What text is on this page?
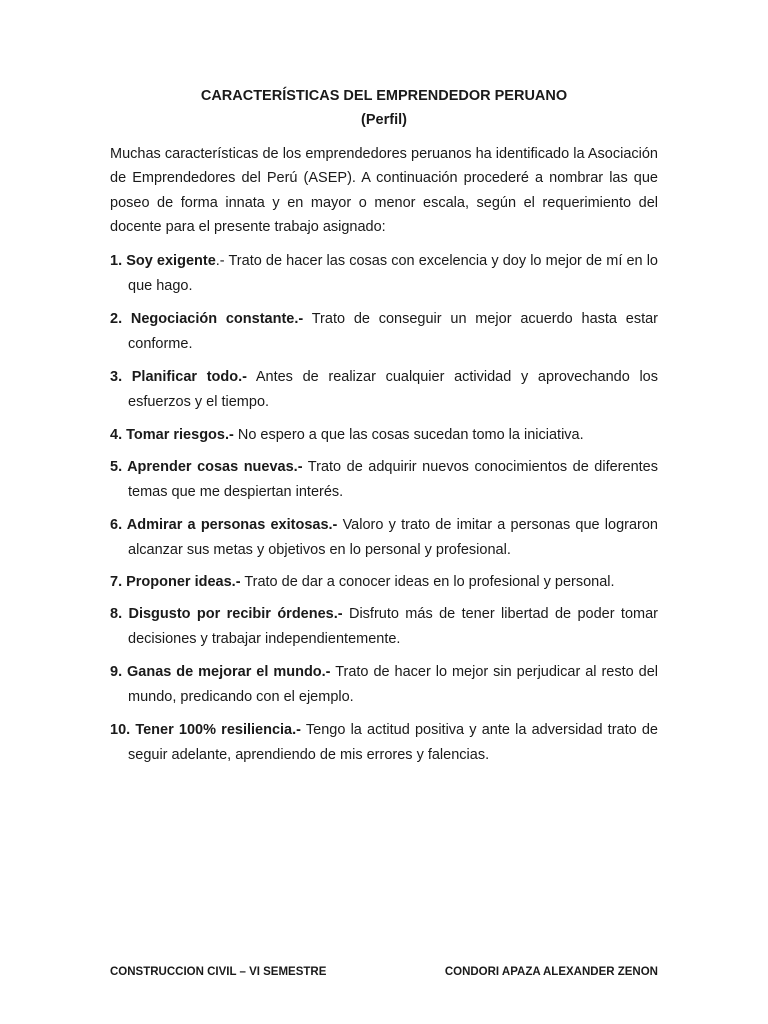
CARACTERÍSTICAS DEL EMPRENDEDOR PERUANO
(Perfil)

Muchas características de los emprendedores peruanos ha identificado la Asociación de Emprendedores del Perú (ASEP). A continuación procederé a nombrar las que poseo de forma innata y en mayor o menor escala, según el requerimiento del docente para el presente trabajo asignado:

1. Soy exigente.- Trato de hacer las cosas con excelencia y doy lo mejor de mí en lo que hago.

2. Negociación constante.- Trato de conseguir un mejor acuerdo hasta estar conforme.

3. Planificar todo.- Antes de realizar cualquier actividad y aprovechando los esfuerzos y el tiempo.

4. Tomar riesgos.- No espero a que las cosas sucedan tomo la iniciativa.

5. Aprender cosas nuevas.- Trato de adquirir nuevos conocimientos de diferentes temas que me despiertan interés.

6. Admirar a personas exitosas.- Valoro y trato de imitar a personas que lograron alcanzar sus metas y objetivos en lo personal y profesional.

7. Proponer ideas.- Trato de dar a conocer ideas en lo profesional y personal.

8. Disgusto por recibir órdenes.- Disfruto más de tener libertad de poder tomar decisiones y trabajar independientemente.

9. Ganas de mejorar el mundo.- Trato de hacer lo mejor sin perjudicar al resto del mundo, predicando con el ejemplo.

10. Tener 100% resiliencia.- Tengo la actitud positiva y ante la adversidad trato de seguir adelante, aprendiendo de mis errores y falencias.

CONSTRUCCION CIVIL – VI SEMESTRE	CONDORI APAZA ALEXANDER ZENON
